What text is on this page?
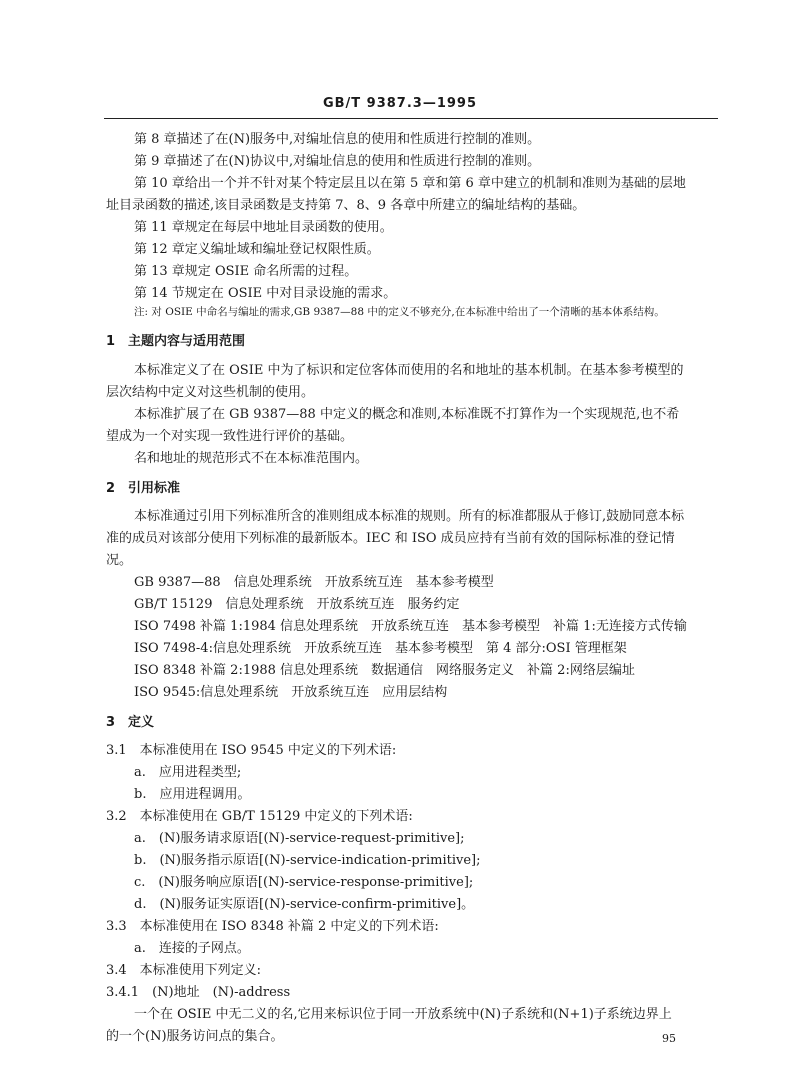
GB/T 9387.3—1995
第 8 章描述了在(N)服务中,对编址信息的使用和性质进行控制的准则。
第 9 章描述了在(N)协议中,对编址信息的使用和性质进行控制的准则。
第 10 章给出一个并不针对某个特定层且以在第 5 章和第 6 章中建立的机制和准则为基础的层地
址目录函数的描述,该目录函数是支持第 7、8、9 各章中所建立的编址结构的基础。
第 11 章规定在每层中地址目录函数的使用。
第 12 章定义编址域和编址登记权限性质。
第 13 章规定 OSIE 命名所需的过程。
第 14 节规定在 OSIE 中对目录设施的需求。
注: 对 OSIE 中命名与编址的需求,GB 9387—88 中的定义不够充分,在本标准中给出了一个清晰的基本体系结构。
1　主题内容与适用范围
本标准定义了在 OSIE 中为了标识和定位客体而使用的名和地址的基本机制。在基本参考模型的
层次结构中定义对这些机制的使用。
本标准扩展了在 GB 9387—88 中定义的概念和准则,本标准既不打算作为一个实现规范,也不希
望成为一个对实现一致性进行评价的基础。
名和地址的规范形式不在本标准范围内。
2　引用标准
本标准通过引用下列标准所含的准则组成本标准的规则。所有的标准都服从于修订,鼓励同意本标
准的成员对该部分使用下列标准的最新版本。IEC 和 ISO 成员应持有当前有效的国际标准的登记情
况。
GB 9387—88　信息处理系统　开放系统互连　基本参考模型
GB/T 15129　信息处理系统　开放系统互连　服务约定
ISO 7498 补篇 1:1984 信息处理系统　开放系统互连　基本参考模型　补篇 1:无连接方式传输
ISO 7498-4:信息处理系统　开放系统互连　基本参考模型　第 4 部分:OSI 管理框架
ISO 8348 补篇 2:1988 信息处理系统　数据通信　网络服务定义　补篇 2:网络层编址
ISO 9545:信息处理系统　开放系统互连　应用层结构
3　定义
3.1　本标准使用在 ISO 9545 中定义的下列术语:
a.　应用进程类型;
b.　应用进程调用。
3.2　本标准使用在 GB/T 15129 中定义的下列术语:
a.　(N)服务请求原语[(N)-service-request-primitive];
b.　(N)服务指示原语[(N)-service-indication-primitive];
c.　(N)服务响应原语[(N)-service-response-primitive];
d.　(N)服务证实原语[(N)-service-confirm-primitive]。
3.3　本标准使用在 ISO 8348 补篇 2 中定义的下列术语:
a.　连接的子网点。
3.4　本标准使用下列定义:
3.4.1　(N)地址　(N)-address
一个在 OSIE 中无二义的名,它用来标识位于同一开放系统中(N)子系统和(N+1)子系统边界上
的一个(N)服务访问点的集合。	95
